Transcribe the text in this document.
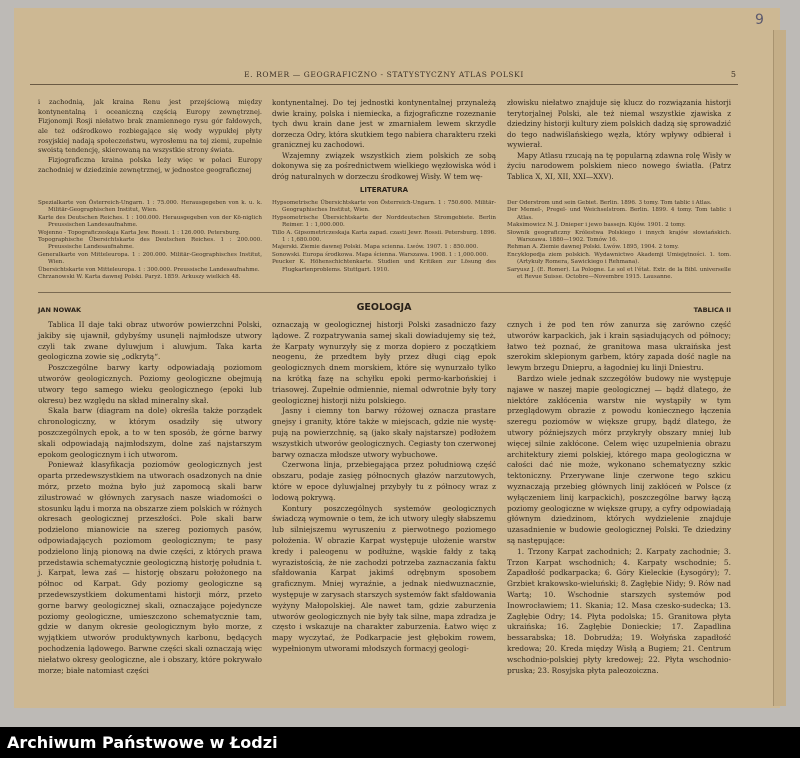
9
E. ROMER — GEOGRAFICZNO - STATYSTYCZNY ATLAS POLSKI	5

i zachodnią, jak kraina Renu jest przejściową między kontynentalną i oceaniczną częścią Europy zewnętrznej. Fizjonomji Rosji niełatwo brak znamiennego rysu gór fałdowych, ale też odśrodkowo rozbiegające się wody wypukłej płyty rosyjskiej nadają społeczeństwu, wyrosłemu na tej ziemi, zupełnie swoistą tendencję, skierowaną na wszystkie strony świata.

Fizjograficzna kraina polska leży więc w połaci Europy zachodniej w dziedzinie zewnętrznej, w jednostce geograficznej

kontynentalnej. Do tej jednostki kontynentalnej przynależą dwie krainy, polska i niemiecka, a fizjograficzne rozeznanie tych dwu krain dane jest w zmarniałem lewem skrzydle dorzecza Odry, która skutkiem tego nabiera charakteru rzeki granicznej ku zachodowi.

Wzajemny związek wszystkich ziem polskich ze sobą dokonywa się za pośrednictwem wielkiego węzłowiska wód i dróg naturalnych w dorzeczu środkowej Wisły. W tem wę-

złowisku niełatwo znajduje się klucz do rozwiązania historji terytorjalnej Polski, ale też niemal wszystkie zjawiska z dziedziny historji kultury ziem polskich dadzą się sprowadzić do tego nadwiślańskiego węzła, który wpływy odbierał i wywierał.

Mapy Atlasu rzucają na tę popularną zdawna rolę Wisły w życiu narodowem polskiem nieco nowego światła. (Patrz Tablica X, XI, XII, XXI—XXV).

LITERATURA
Spezialkarte von Österreich-Ungarn. 1 : 75.000. Herausgegeben von k. u. k. Militär-Geographischen Institut, Wien.
Karte des Deutschen Reiches. 1 : 100.000. Herausgegeben von der Kö-niglich Preussischen Landesaufnahme.
Wojenno - Topograficzeskaja Karta Jew. Rossii. 1 : 126.000. Petersburg.
Topographische Übersichtskarte des Deutschen Reiches. 1 : 200.000. Preussische Landesaufnahme.
Generalkarte von Mitteleuropa. 1 : 200.000. Militär-Geographisches Institut, Wien.
Übersichtskarte von Mitteleuropa. 1 : 300.000. Preussische Landesaufnahme.
Chrzanowski W. Karta dawnej Polski. Paryż. 1859. Arkuszy wielkich 48.
Hypsometrische Übersichtskarte von Österreich-Ungarn. 1 : 750.600. Militär-Geographisches Institut, Wien.
Hypsometrische Übersichtskarte der Norddeutschen Stromgebiete. Berlin Reimer. 1 : 1,000.000.
Tillo A. Gipsometriczeskaja Karta zapad. czasti Jewr. Rossii. Petersburg. 1896. 1 : 1,680.000.
Majerski. Ziemie dawnej Polski. Mapa scienna. Lwów. 1907. 1 : 850.000.
Sonowski. Europa środkowa. Mapa ścienna. Warszawa. 1908. 1 : 1,000.000.
Peucker K. Höhenschichtenkarte. Studien und Kritiken zur Lösung des Flugkartenproblems. Stuttgart. 1910.
Der Oderstrom und sein Gebiet. Berlin. 1896. 3 tomy. Tom tablic i Atlas.
Der Memel-, Pregel- und Weichselstrom. Berlin. 1899. 4 tomy. Tom tablic i Atlas.
Maksimowicz N. J. Dnieper i jewo bassejn. Kijów. 1901. 2 tomy.
Słownik geograficzny Królestwa Polskiego i innych krajów słowiańskich. Warszawa. 1880—1902. Tomów 16.
Rehman A. Ziemie dawnej Polski. Lwów. 1895, 1904. 2 tomy.
Encyklopedja ziem polskich. Wydawnictwo Akademji Umiejętności. 1. tom. (Artykuły Romera, Sawickiego i Rehmana).
Saryusz J. (E. Romer). La Pologne. Le sol et l'état. Extr. de la Bibl. universelle et Revue Suisse. Octobre—Novembre 1915. Lausanne.
JAN NOWAK	GEOLOGJA	TABLICA II

Tablica II daje taki obraz utworów powierzchni Polski, jakiby się ujawnił, gdybyśmy usunęli najmłodsze utwory czyli tak zwane dyluwjum i aluwjum. Taka karta geologiczna zowie się „odkrytą“.

Poszczególne barwy karty odpowiadają poziomom utworów geologicznych. Poziomy geologiczne obejmują utwory tego samego wieku geologicznego (epoki lub okresu) bez względu na skład mineralny skał.

Skala barw (diagram na dole) określa także porządek chronologiczny, w którym osadziły się utwory poszczególnych epok, a to w ten sposób, że górne barwy skali odpowiadają najmłodszym, dolne zaś najstarszym epokom geologicznym i ich utworom.

Ponieważ klasyfikacja poziomów geologicznych jest oparta przedewszystkiem na utworach osadzonych na dnie mórz, przeto można było już zapomocą skali barw zilustrować w głównych zarysach nasze wiadomości o stosunku lądu i morza na obszarze ziem polskich w różnych okresach geologicznej przeszłości. Pole skali barw podzielono mianowicie na szereg poziomych pasów, odpowiadających poziomom geologicznym; te pasy podzielono linją pionową na dwie części, z których prawa przedstawia schematycznie geologiczną historję południa t. j. Karpat, lewa zaś — historję obszaru położonego na północ od Karpat. Gdy poziomy geologiczne są przedewszystkiem dokumentami historji mórz, przeto gorne barwy geologicznej skali, oznaczające pojedyncze poziomy geologiczne, umieszczono schematycznie tam, gdzie w danym okresie geologicznym było morze, z wyjątkiem utworów produktywnych karbonu, będących pochodzenia lądowego. Barwne części skali oznaczają więc niełatwo okresy geologiczne, ale i obszary, które pokrywało morze; białe natomiast części

oznaczają w geologicznej historji Polski zasadniczo fazy lądowe. Z rozpatrywania samej skali dowiadujemy się też, że Karpaty wynurzyły się z morza dopiero z początkiem neogenu, że przedtem były przez długi ciąg epok geologicznych dnem morskiem, które się wynurzało tylko na krótką fazę na schyłku epoki permo-karbońskiej i triasowej. Zupełnie odmiennie, niemal odwrotnie były tory geologicznej historji niżu polskiego.

Jasny i ciemny ton barwy różowej oznacza prastare gnejsy i granity, które także w miejscach, gdzie nie wystę- pują na powierzchnię, są (jako skały najstarsze) podłożem wszystkich utworów geologicznych. Cegiasty ton czerwonej barwy oznacza młodsze utwory wybuchowe.

Czerwona linja, przebiegająca przez południową część obszaru, podaje zasięg północnych głazów narzutowych, które w epoce dyluwjalnej przybyły tu z północy wraz z lodową pokrywą.

Kontury poszczególnych systemów geologicznych świadczą wymownie o tem, że ich utwory uległy słabszemu lub silniejszemu wyruszeniu z pierwotnego poziomego położenia. W obrazie Karpat występuje ułożenie warstw kredy i paleogenu w podłużne, wąskie fałdy z taką wyrazistością, że nie zachodzi potrzeba zaznaczania faktu sfałdowania Karpat jakimś odrębnym sposobem graficznym. Mniej wyraźnie, a jednak niedwuznacznie, występuje w zarysach starszych systemów fakt sfałdowania wyżyny Małopolskiej. Ale nawet tam, gdzie zaburzenia utworów geologicznych nie były tak silne, mapa zdradza je często i wskazuje na charakter zaburzenia. Łatwo więc z mapy wyczytać, że Podkarpacie jest głębokim rowem, wypełnionym utworami młodszych formacyj geologi-

cznych i że pod ten rów zanurza się zarówno część utworów karpackich, jak i krain sąsiadujących od północy; łatwo też poznać, że granitowa masa ukraińska jest szerokim sklepionym garbem, który zapada dość nagle na lewym brzegu Dniepru, a łagodniej ku linji Dniestru.

Bardzo wiele jednak szczegółów budowy nie występuje nąjawe w naszej mapie geologicznej — bądź dlatego, że niektóre zakłócenia warstw nie wystąpiły w tym przeglądowym obrazie z powodu koniecznego łączenia szeregu poziomów w większe grupy, bądź dlatego, że utwory późniejszych mórz przykryły obszary mniej lub więcej silnie zakłócone. Celem więc uzupełnienia obrazu architektury ziemi polskiej, którego mapa geologiczna w całości dać nie może, wykonano schematyczny szkic tektoniczny. Przerywane linje czerwone tego szkicu wyznaczają przebieg głównych linij zakłóceń w Polsce (z wyłączeniem linij karpackich), poszczególne barwy łączą poziomy geologiczne w większe grupy, a cyfry odpowiadają głównym dziedzinom, których wydzielenie znajduje uzasadnienie w budowie geologicznej Polski. Te dziedziny są następujące:

1. Trzony Karpat zachodnich; 2. Karpaty zachodnie; 3. Trzon Karpat wschodnich; 4. Karpaty wschodnie; 5. Zapadłość podkarpacka; 6. Góry Kieleckie (Łysogóry); 7. Grzbiet krakowsko-wieluński; 8. Zagłębie Nidy; 9. Rów nad Wartą; 10. Wschodnie starszych systemów pod Inowrocławiem; 11. Skania; 12. Masa czesko-sudecka; 13. Zagłębie Odry; 14. Płyta podolska; 15. Granitowa płyta ukraińska; 16. Zagłębie Donieckie; 17. Zapadlina bessarabska; 18. Dobrudża; 19. Wołyńska zapadłość kredowa; 20. Kreda między Wisłą a Bugiem; 21. Centrum wschodnio-polskiej płyty kredowej; 22. Płyta wschodnio-pruska; 23. Rosyjska płyta paleozoiczna.

Archiwum Państwowe w Łodzi
